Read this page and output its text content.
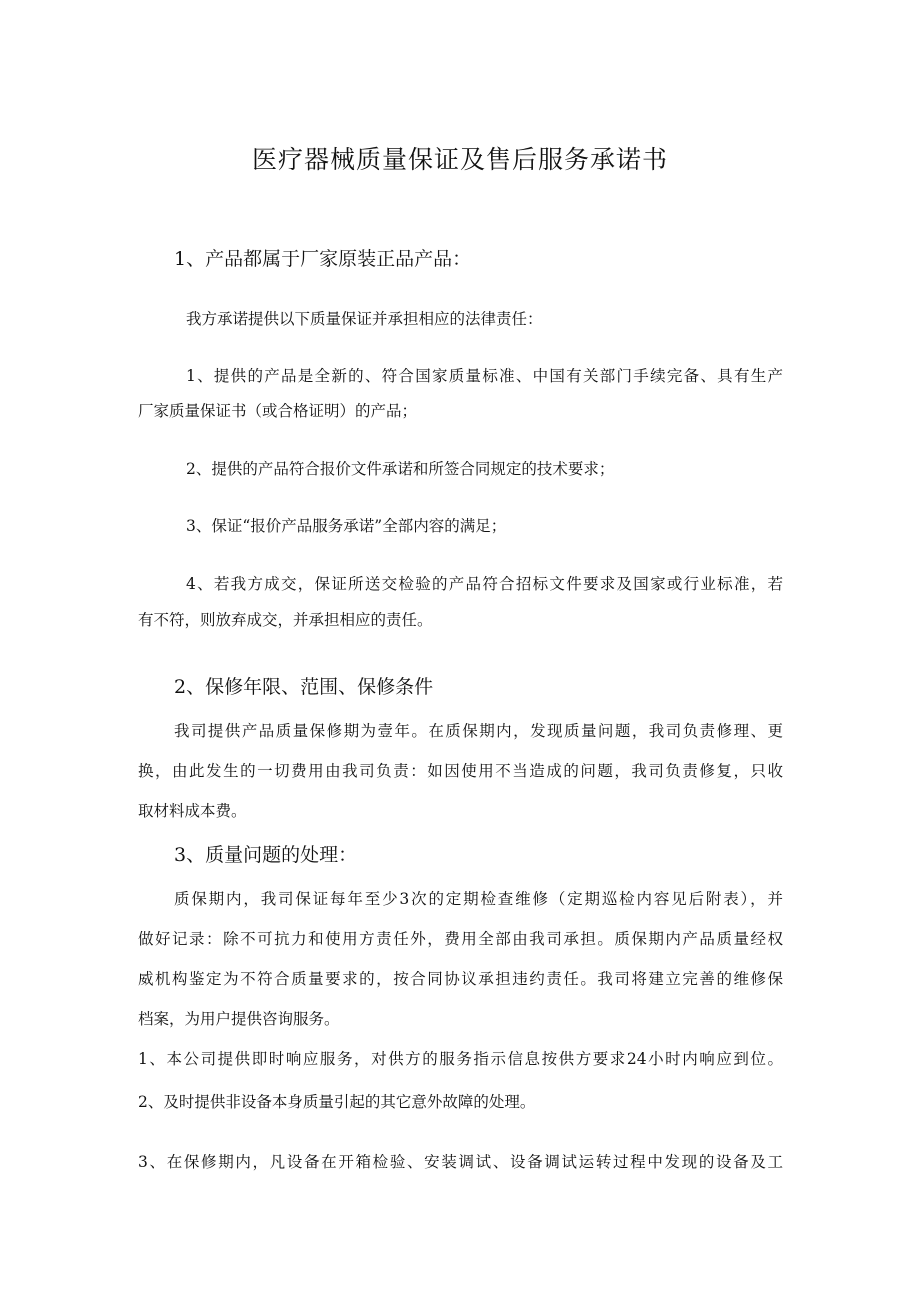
医疗器械质量保证及售后服务承诺书
1、产品都属于厂家原装正品产品：
我方承诺提供以下质量保证并承担相应的法律责任：
1、提供的产品是全新的、符合国家质量标准、中国有关部门手续完备、具有生产
厂家质量保证书（或合格证明）的产品；
2、提供的产品符合报价文件承诺和所签合同规定的技术要求；
3、保证“报价产品服务承诺”全部内容的满足；
4、若我方成交，保证所送交检验的产品符合招标文件要求及国家或行业标准，若
有不符，则放弃成交，并承担相应的责任。
2、保修年限、范围、保修条件
我司提供产品质量保修期为壹年。在质保期内，发现质量问题，我司负责修理、更
换，由此发生的一切费用由我司负责：如因使用不当造成的问题，我司负责修复，只收
取材料成本费。
3、质量问题的处理：
质保期内，我司保证每年至少3次的定期检查维修（定期巡检内容见后附表），并
做好记录：除不可抗力和使用方责任外，费用全部由我司承担。质保期内产品质量经权
威机构鉴定为不符合质量要求的，按合同协议承担违约责任。我司将建立完善的维修保
档案，为用户提供咨询服务。
1、本公司提供即时响应服务，对供方的服务指示信息按供方要求24小时内响应到位。
2、及时提供非设备本身质量引起的其它意外故障的处理。
3、在保修期内，凡设备在开箱检验、安装调试、设备调试运转过程中发现的设备及工
